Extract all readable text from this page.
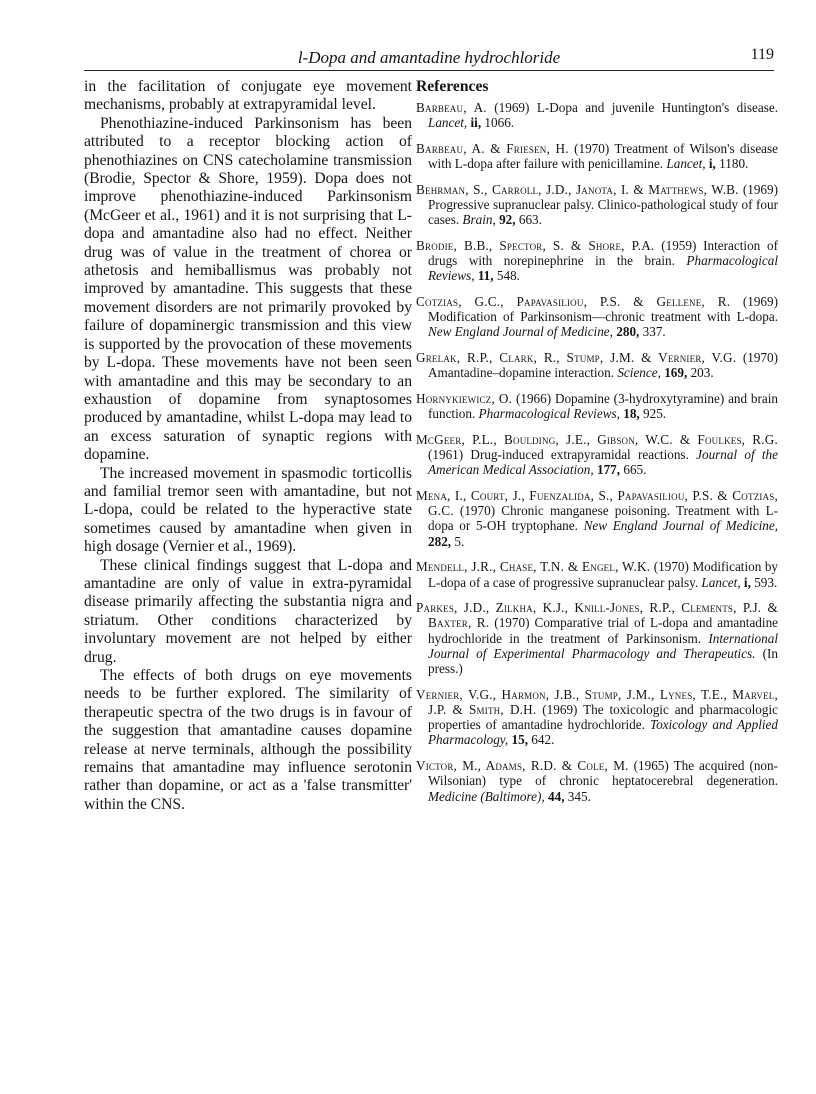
l-Dopa and amantadine hydrochloride	119

in the facilitation of conjugate eye movement mechanisms, probably at extrapyramidal level.

Phenothiazine-induced Parkinsonism has been attributed to a receptor blocking action of phenothiazines on CNS catecholamine transmission (Brodie, Spector & Shore, 1959). Dopa does not improve phenothiazine-induced Parkinsonism (McGeer et al., 1961) and it is not surprising that L-dopa and amantadine also had no effect. Neither drug was of value in the treatment of chorea or athetosis and hemiballismus was probably not improved by amantadine. This suggests that these movement disorders are not primarily provoked by failure of dopaminergic transmission and this view is supported by the provocation of these movements by L-dopa. These movements have not been seen with amantadine and this may be secondary to an exhaustion of dopamine from synaptosomes produced by amantadine, whilst L-dopa may lead to an excess saturation of synaptic regions with dopamine.

The increased movement in spasmodic torticollis and familial tremor seen with amantadine, but not L-dopa, could be related to the hyperactive state sometimes caused by amantadine when given in high dosage (Vernier et al., 1969).

These clinical findings suggest that L-dopa and amantadine are only of value in extra-pyramidal disease primarily affecting the substantia nigra and striatum. Other conditions characterized by involuntary movement are not helped by either drug.

The effects of both drugs on eye movements needs to be further explored. The similarity of therapeutic spectra of the two drugs is in favour of the suggestion that amantadine causes dopamine release at nerve terminals, although the possibility remains that amantadine may influence serotonin rather than dopamine, or act as a 'false transmitter' within the CNS.

References

Barbeau, A. (1969) L-Dopa and juvenile Huntington's disease. Lancet, ii, 1066.

Barbeau, A. & Friesen, H. (1970) Treatment of Wilson's disease with L-dopa after failure with penicillamine. Lancet, i, 1180.

Behrman, S., Carroll, J.D., Janota, I. & Matthews, W.B. (1969) Progressive supranuclear palsy. Clinico-pathological study of four cases. Brain, 92, 663.

Brodie, B.B., Spector, S. & Shore, P.A. (1959) Interaction of drugs with norepinephrine in the brain. Pharmacological Reviews, 11, 548.

Cotzias, G.C., Papavasiliou, P.S. & Gellene, R. (1969) Modification of Parkinsonism—chronic treatment with L-dopa. New England Journal of Medicine, 280, 337.

Grelak, R.P., Clark, R., Stump, J.M. & Vernier, V.G. (1970) Amantadine–dopamine interaction. Science, 169, 203.

Hornykiewicz, O. (1966) Dopamine (3-hydroxytyramine) and brain function. Pharmacological Reviews, 18, 925.

McGeer, P.L., Boulding, J.E., Gibson, W.C. & Foulkes, R.G. (1961) Drug-induced extrapyramidal reactions. Journal of the American Medical Association, 177, 665.

Mena, I., Court, J., Fuenzalida, S., Papavasiliou, P.S. & Cotzias, G.C. (1970) Chronic manganese poisoning. Treatment with L-dopa or 5-OH tryptophane. New England Journal of Medicine, 282, 5.

Mendell, J.R., Chase, T.N. & Engel, W.K. (1970) Modification by L-dopa of a case of progressive supranuclear palsy. Lancet, i, 593.

Parkes, J.D., Zilkha, K.J., Knill-Jones, R.P., Clements, P.J. & Baxter, R. (1970) Comparative trial of L-dopa and amantadine hydrochloride in the treatment of Parkinsonism. International Journal of Experimental Pharmacology and Therapeutics. (In press.)

Vernier, V.G., Harmon, J.B., Stump, J.M., Lynes, T.E., Marvel, J.P. & Smith, D.H. (1969) The toxicologic and pharmacologic properties of amantadine hydrochloride. Toxicology and Applied Pharmacology, 15, 642.

Victor, M., Adams, R.D. & Cole, M. (1965) The acquired (non-Wilsonian) type of chronic heptatocerebral degeneration. Medicine (Baltimore), 44, 345.
